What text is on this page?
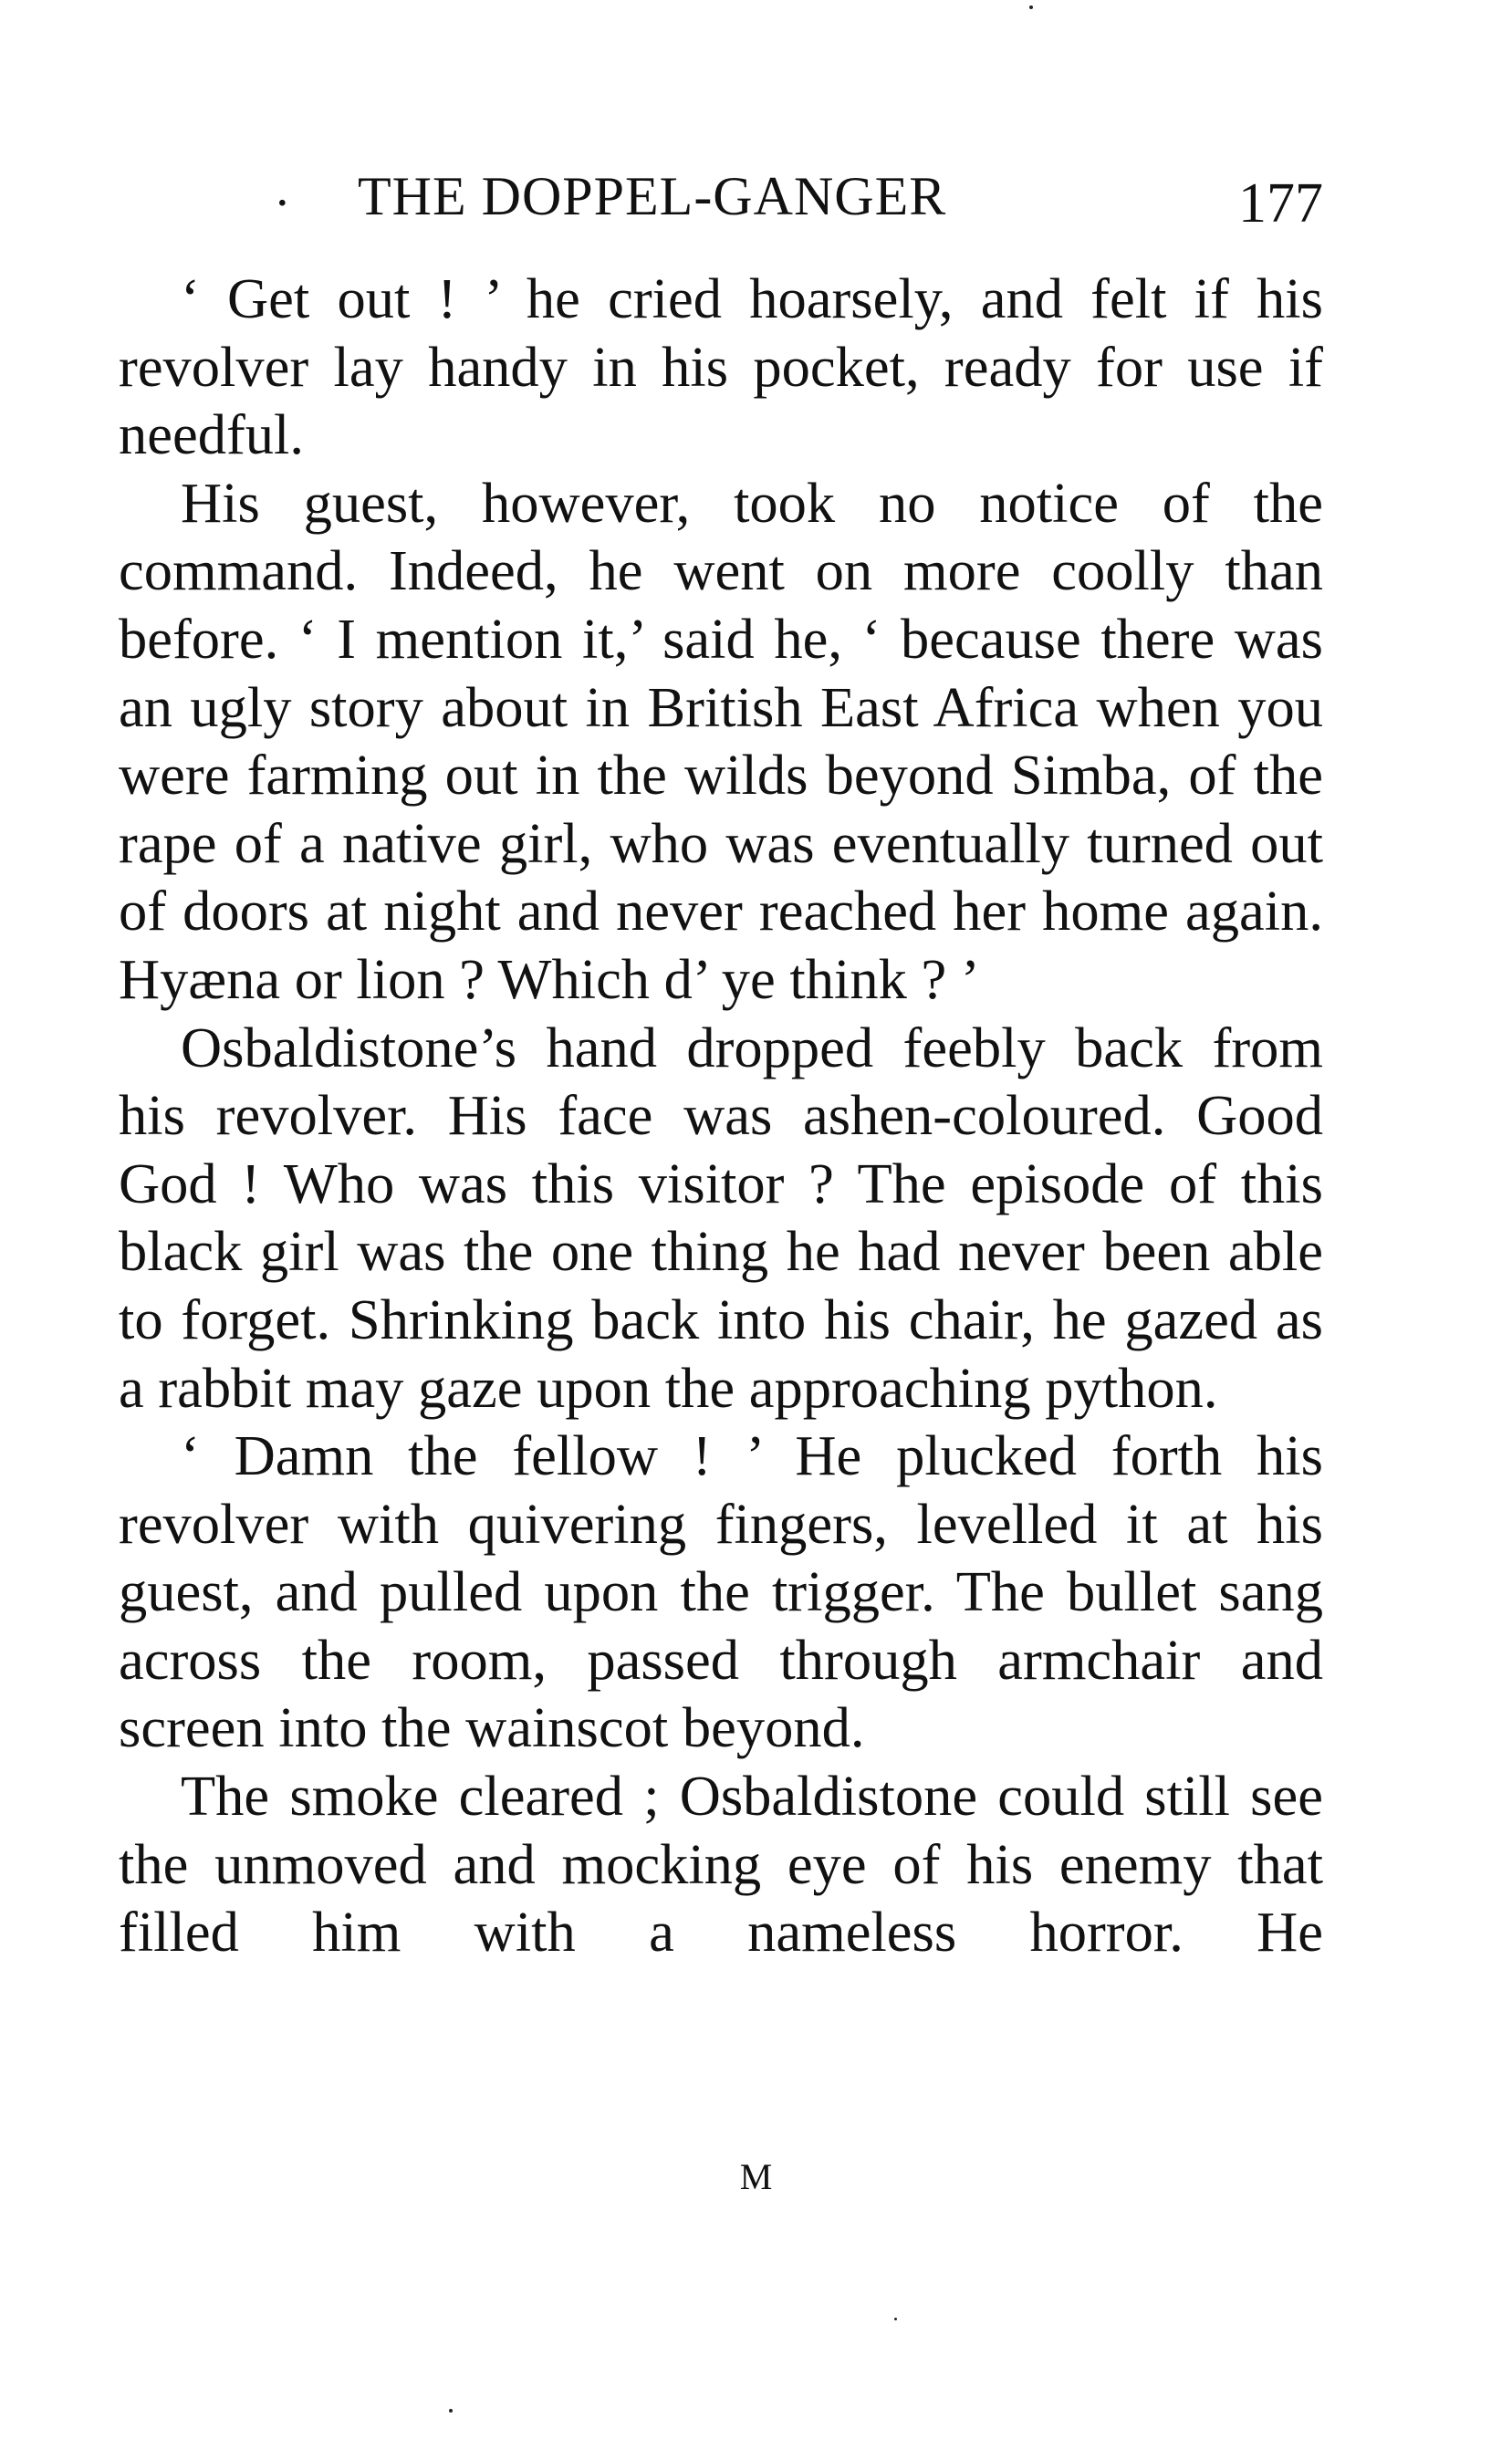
· THE DOPPEL-GANGER	177

‘ Get out ! ’ he cried hoarsely, and felt if his revolver lay handy in his pocket, ready for use if needful.

His guest, however, took no notice of the command. Indeed, he went on more coolly than before. ‘ I mention it,’ said he, ‘ because there was an ugly story about in British East Africa when you were farming out in the wilds beyond Simba, of the rape of a native girl, who was eventually turned out of doors at night and never reached her home again. Hyæna or lion ? Which d’ ye think ? ’

Osbaldistone’s hand dropped feebly back from his revolver. His face was ashen-coloured. Good God ! Who was this visitor ? The episode of this black girl was the one thing he had never been able to forget. Shrinking back into his chair, he gazed as a rabbit may gaze upon the approaching python.

‘ Damn the fellow ! ’ He plucked forth his revolver with quivering fingers, levelled it at his guest, and pulled upon the trigger. The bullet sang across the room, passed through armchair and screen into the wainscot beyond.

The smoke cleared ; Osbaldistone could still see the unmoved and mocking eye of his enemy that filled him with a nameless horror. He

M
